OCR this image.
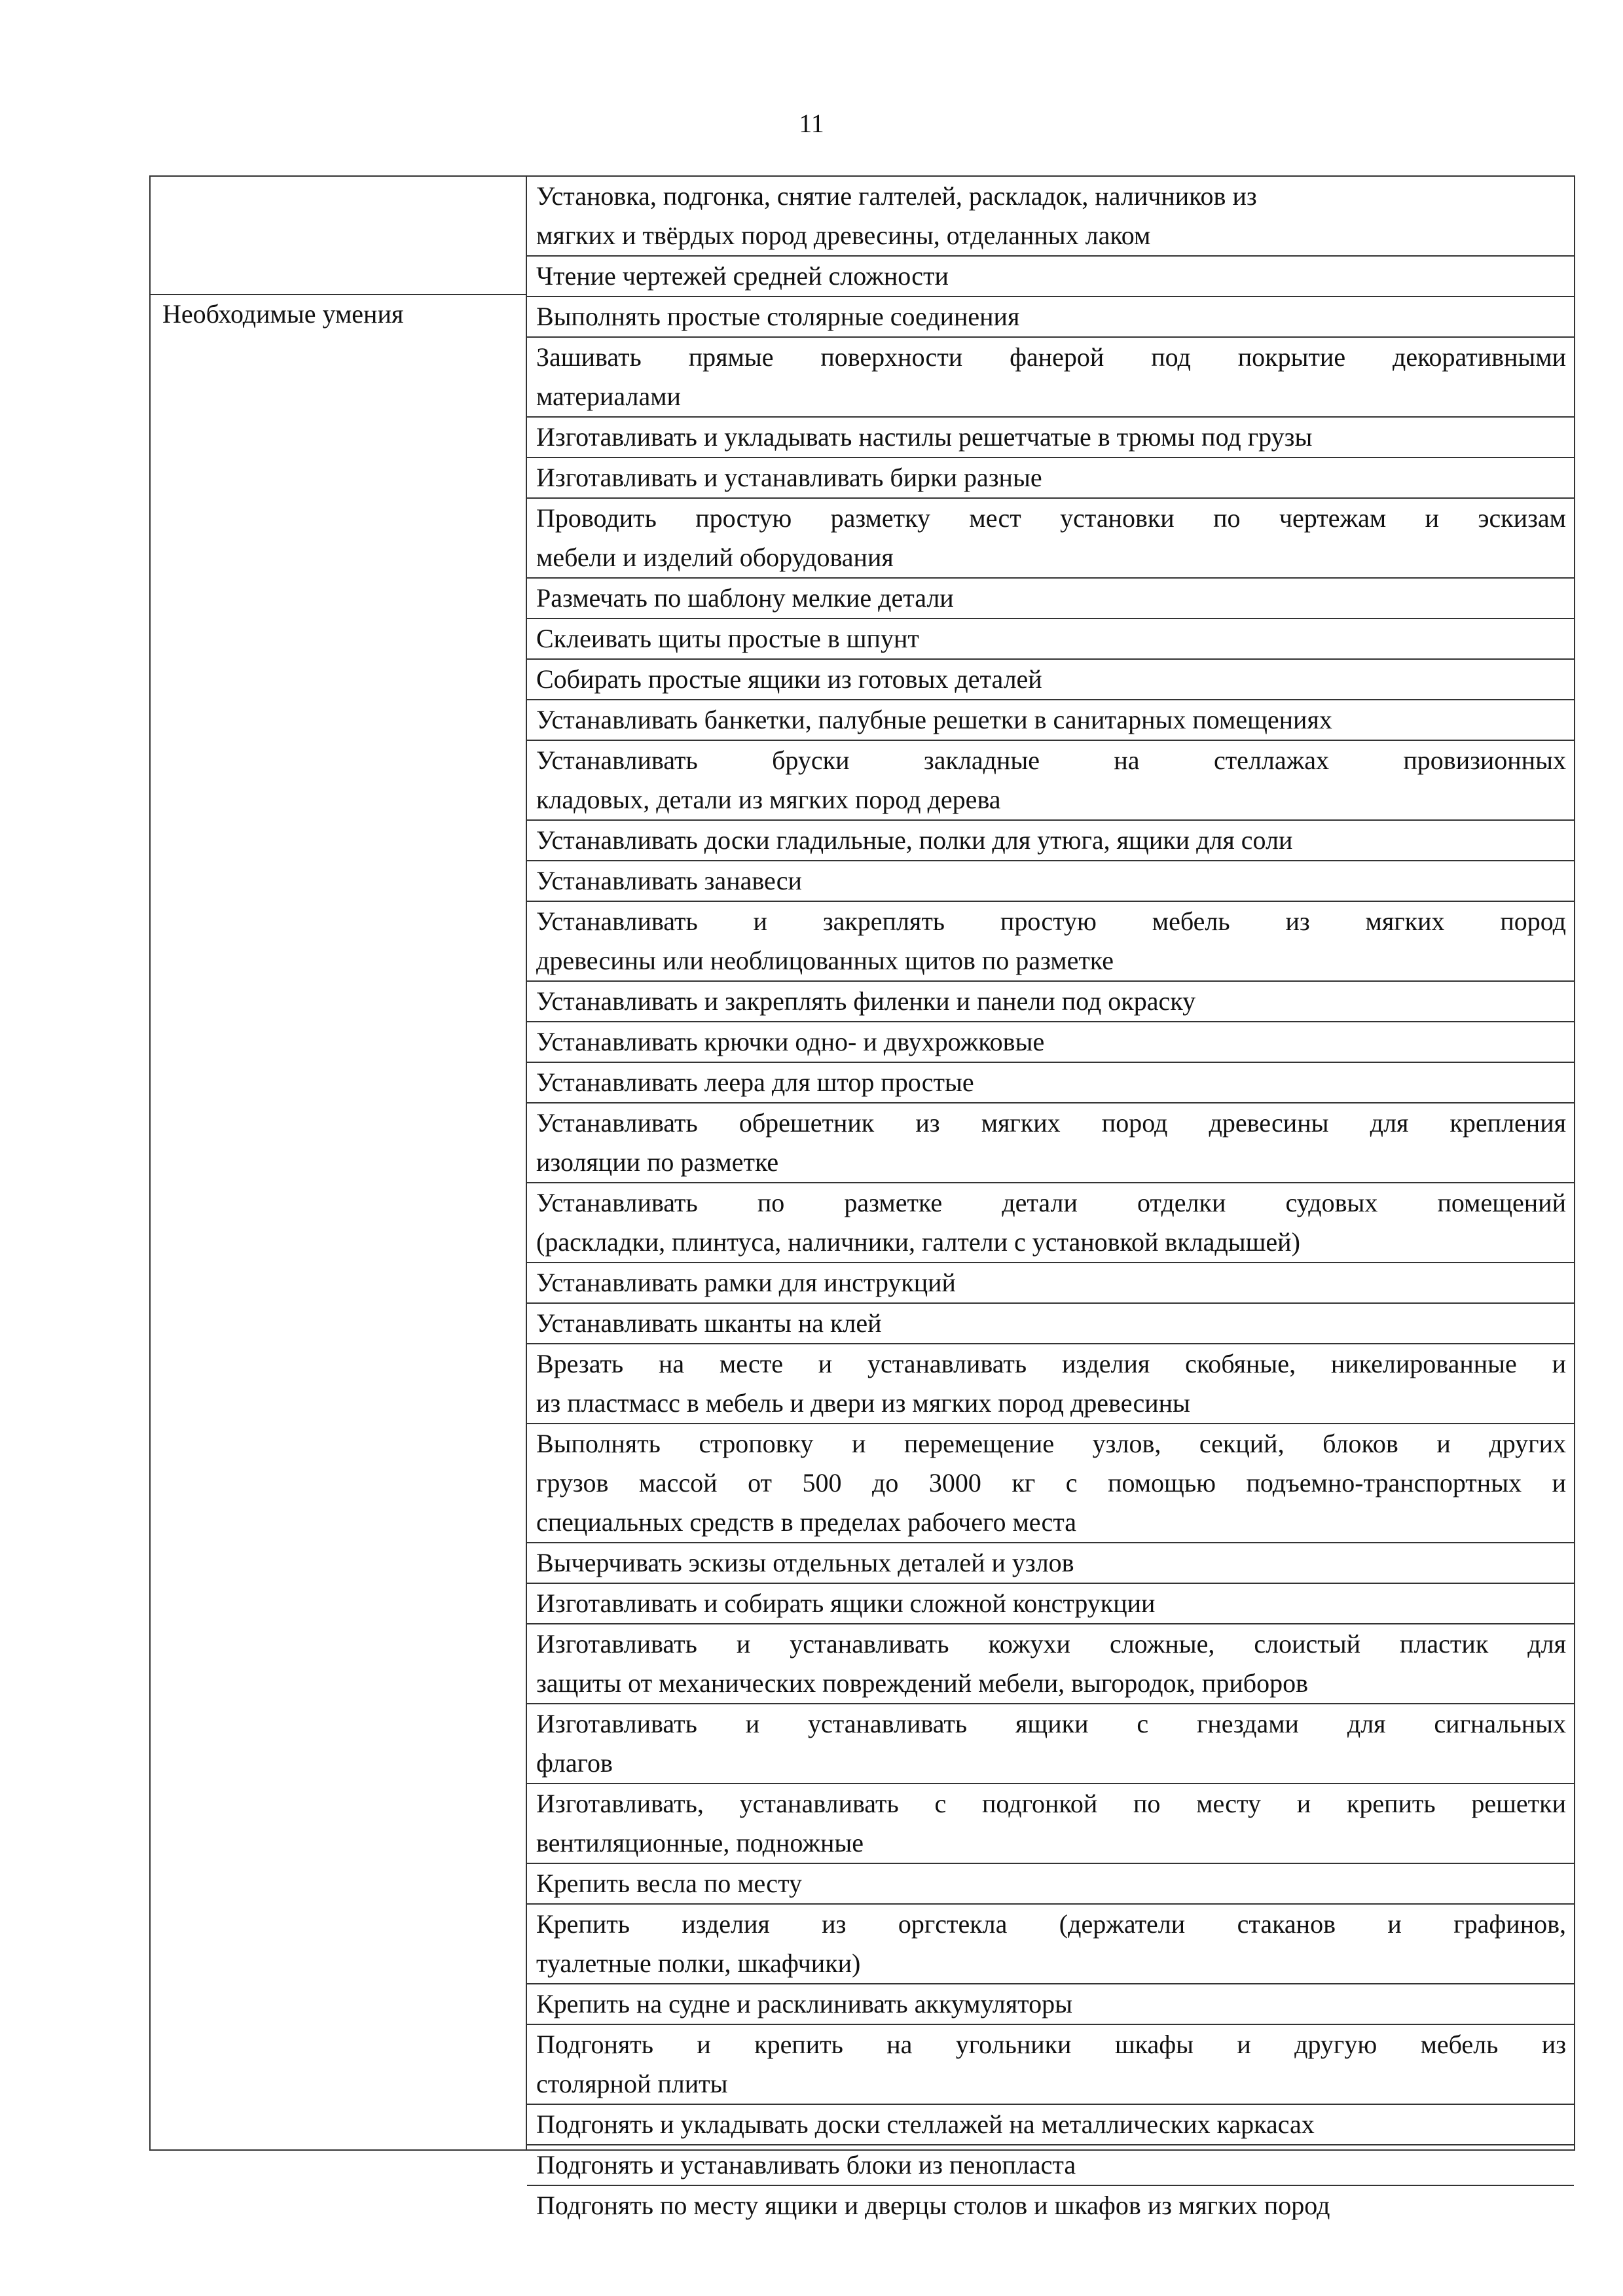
11
Необходимые умения
Установка, подгонка, снятие галтелей, раскладок, наличников из
мягких и твёрдых пород древесины, отделанных лаком
Чтение чертежей средней сложности
Выполнять простые столярные соединения
Зашивать прямые поверхности фанерой под покрытие декоративными
материалами
Изготавливать и укладывать настилы решетчатые в трюмы под грузы
Изготавливать и устанавливать бирки разные
Проводить простую разметку мест установки по чертежам и эскизам
мебели и изделий оборудования
Размечать по шаблону мелкие детали
Склеивать щиты простые в шпунт
Собирать простые ящики из готовых деталей
Устанавливать банкетки, палубные решетки в санитарных помещениях
Устанавливать бруски закладные на стеллажах провизионных
кладовых, детали из мягких пород дерева
Устанавливать доски гладильные, полки для утюга, ящики для соли
Устанавливать занавеси
Устанавливать и закреплять простую мебель из мягких пород
древесины или необлицованных щитов по разметке
Устанавливать и закреплять филенки и панели под окраску
Устанавливать крючки одно- и двухрожковые
Устанавливать леера для штор простые
Устанавливать обрешетник из мягких пород древесины для крепления
изоляции по разметке
Устанавливать по разметке детали отделки судовых помещений
(раскладки, плинтуса, наличники, галтели с установкой вкладышей)
Устанавливать рамки для инструкций
Устанавливать шканты на клей
Врезать на месте и устанавливать изделия скобяные, никелированные и
из пластмасс в мебель и двери из мягких пород древесины
Выполнять строповку и перемещение узлов, секций, блоков и других
грузов массой от 500 до 3000 кг с помощью подъемно-транспортных и
специальных средств в пределах рабочего места
Вычерчивать эскизы отдельных деталей и узлов
Изготавливать и собирать ящики сложной конструкции
Изготавливать и устанавливать кожухи сложные, слоистый пластик для
защиты от механических повреждений мебели, выгородок, приборов
Изготавливать и устанавливать ящики с гнездами для сигнальных
флагов
Изготавливать, устанавливать с подгонкой по месту и крепить решетки
вентиляционные, подножные
Крепить весла по месту
Крепить изделия из оргстекла (держатели стаканов и графинов,
туалетные полки, шкафчики)
Крепить на судне и расклинивать аккумуляторы
Подгонять и крепить на угольники шкафы и другую мебель из
столярной плиты
Подгонять и укладывать доски стеллажей на металлических каркасах
Подгонять и устанавливать блоки из пенопласта
Подгонять по месту ящики и дверцы столов и шкафов из мягких пород
